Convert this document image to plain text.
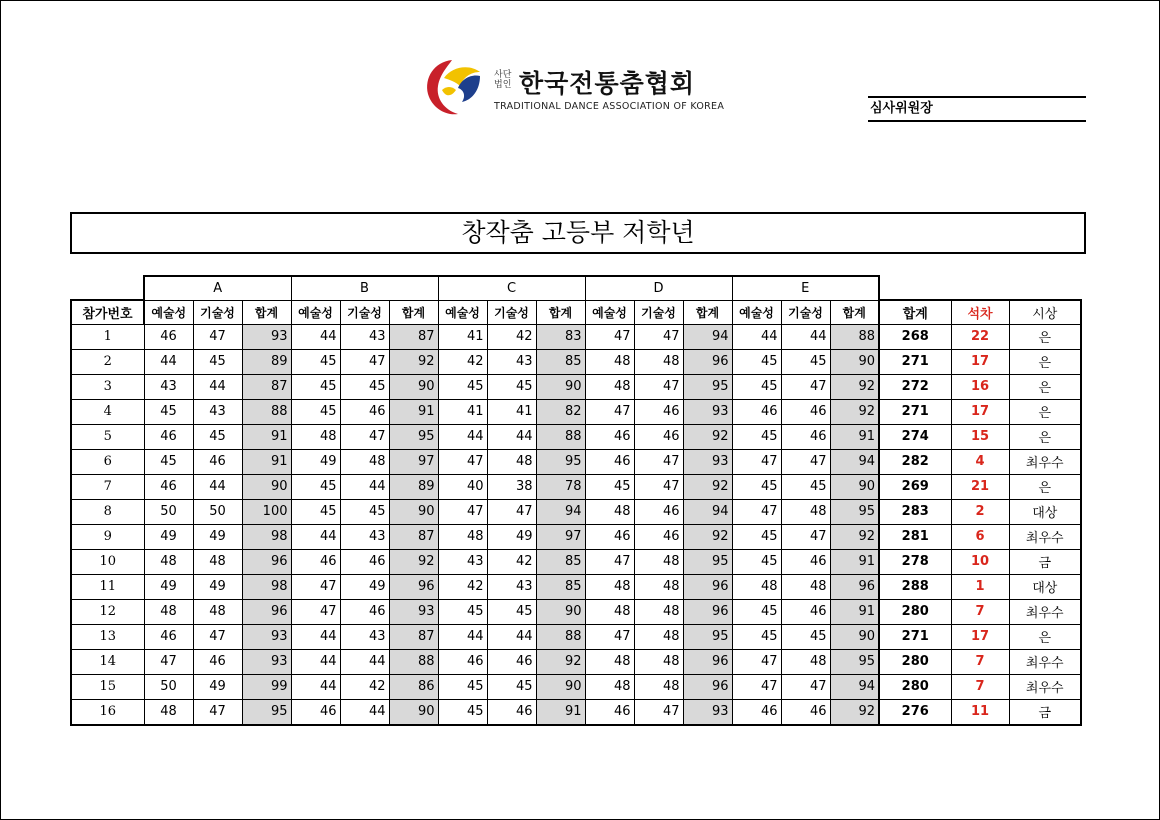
사단
법인 한국전통춤협회
TRADITIONAL DANCE ASSOCIATION OF KOREA	심사위원장
창작춤 고등부 저학년
	A			B			C			D			E					
참가번호	예술성	기술성	합계	예술성	기술성	합계	예술성	기술성	합계	예술성	기술성	합계	예술성	기술성	합계	합계	석차	시상
1	46	47	93	44	43	87	41	42	83	47	47	94	44	44	88	268	22	은
2	44	45	89	45	47	92	42	43	85	48	48	96	45	45	90	271	17	은
3	43	44	87	45	45	90	45	45	90	48	47	95	45	47	92	272	16	은
4	45	43	88	45	46	91	41	41	82	47	46	93	46	46	92	271	17	은
5	46	45	91	48	47	95	44	44	88	46	46	92	45	46	91	274	15	은
6	45	46	91	49	48	97	47	48	95	46	47	93	47	47	94	282	4	최우수
7	46	44	90	45	44	89	40	38	78	45	47	92	45	45	90	269	21	은
8	50	50	100	45	45	90	47	47	94	48	46	94	47	48	95	283	2	대상
9	49	49	98	44	43	87	48	49	97	46	46	92	45	47	92	281	6	최우수
10	48	48	96	46	46	92	43	42	85	47	48	95	45	46	91	278	10	금
11	49	49	98	47	49	96	42	43	85	48	48	96	48	48	96	288	1	대상
12	48	48	96	47	46	93	45	45	90	48	48	96	45	46	91	280	7	최우수
13	46	47	93	44	43	87	44	44	88	47	48	95	45	45	90	271	17	은
14	47	46	93	44	44	88	46	46	92	48	48	96	47	48	95	280	7	최우수
15	50	49	99	44	42	86	45	45	90	48	48	96	47	47	94	280	7	최우수
16	48	47	95	46	44	90	45	46	91	46	47	93	46	46	92	276	11	금
